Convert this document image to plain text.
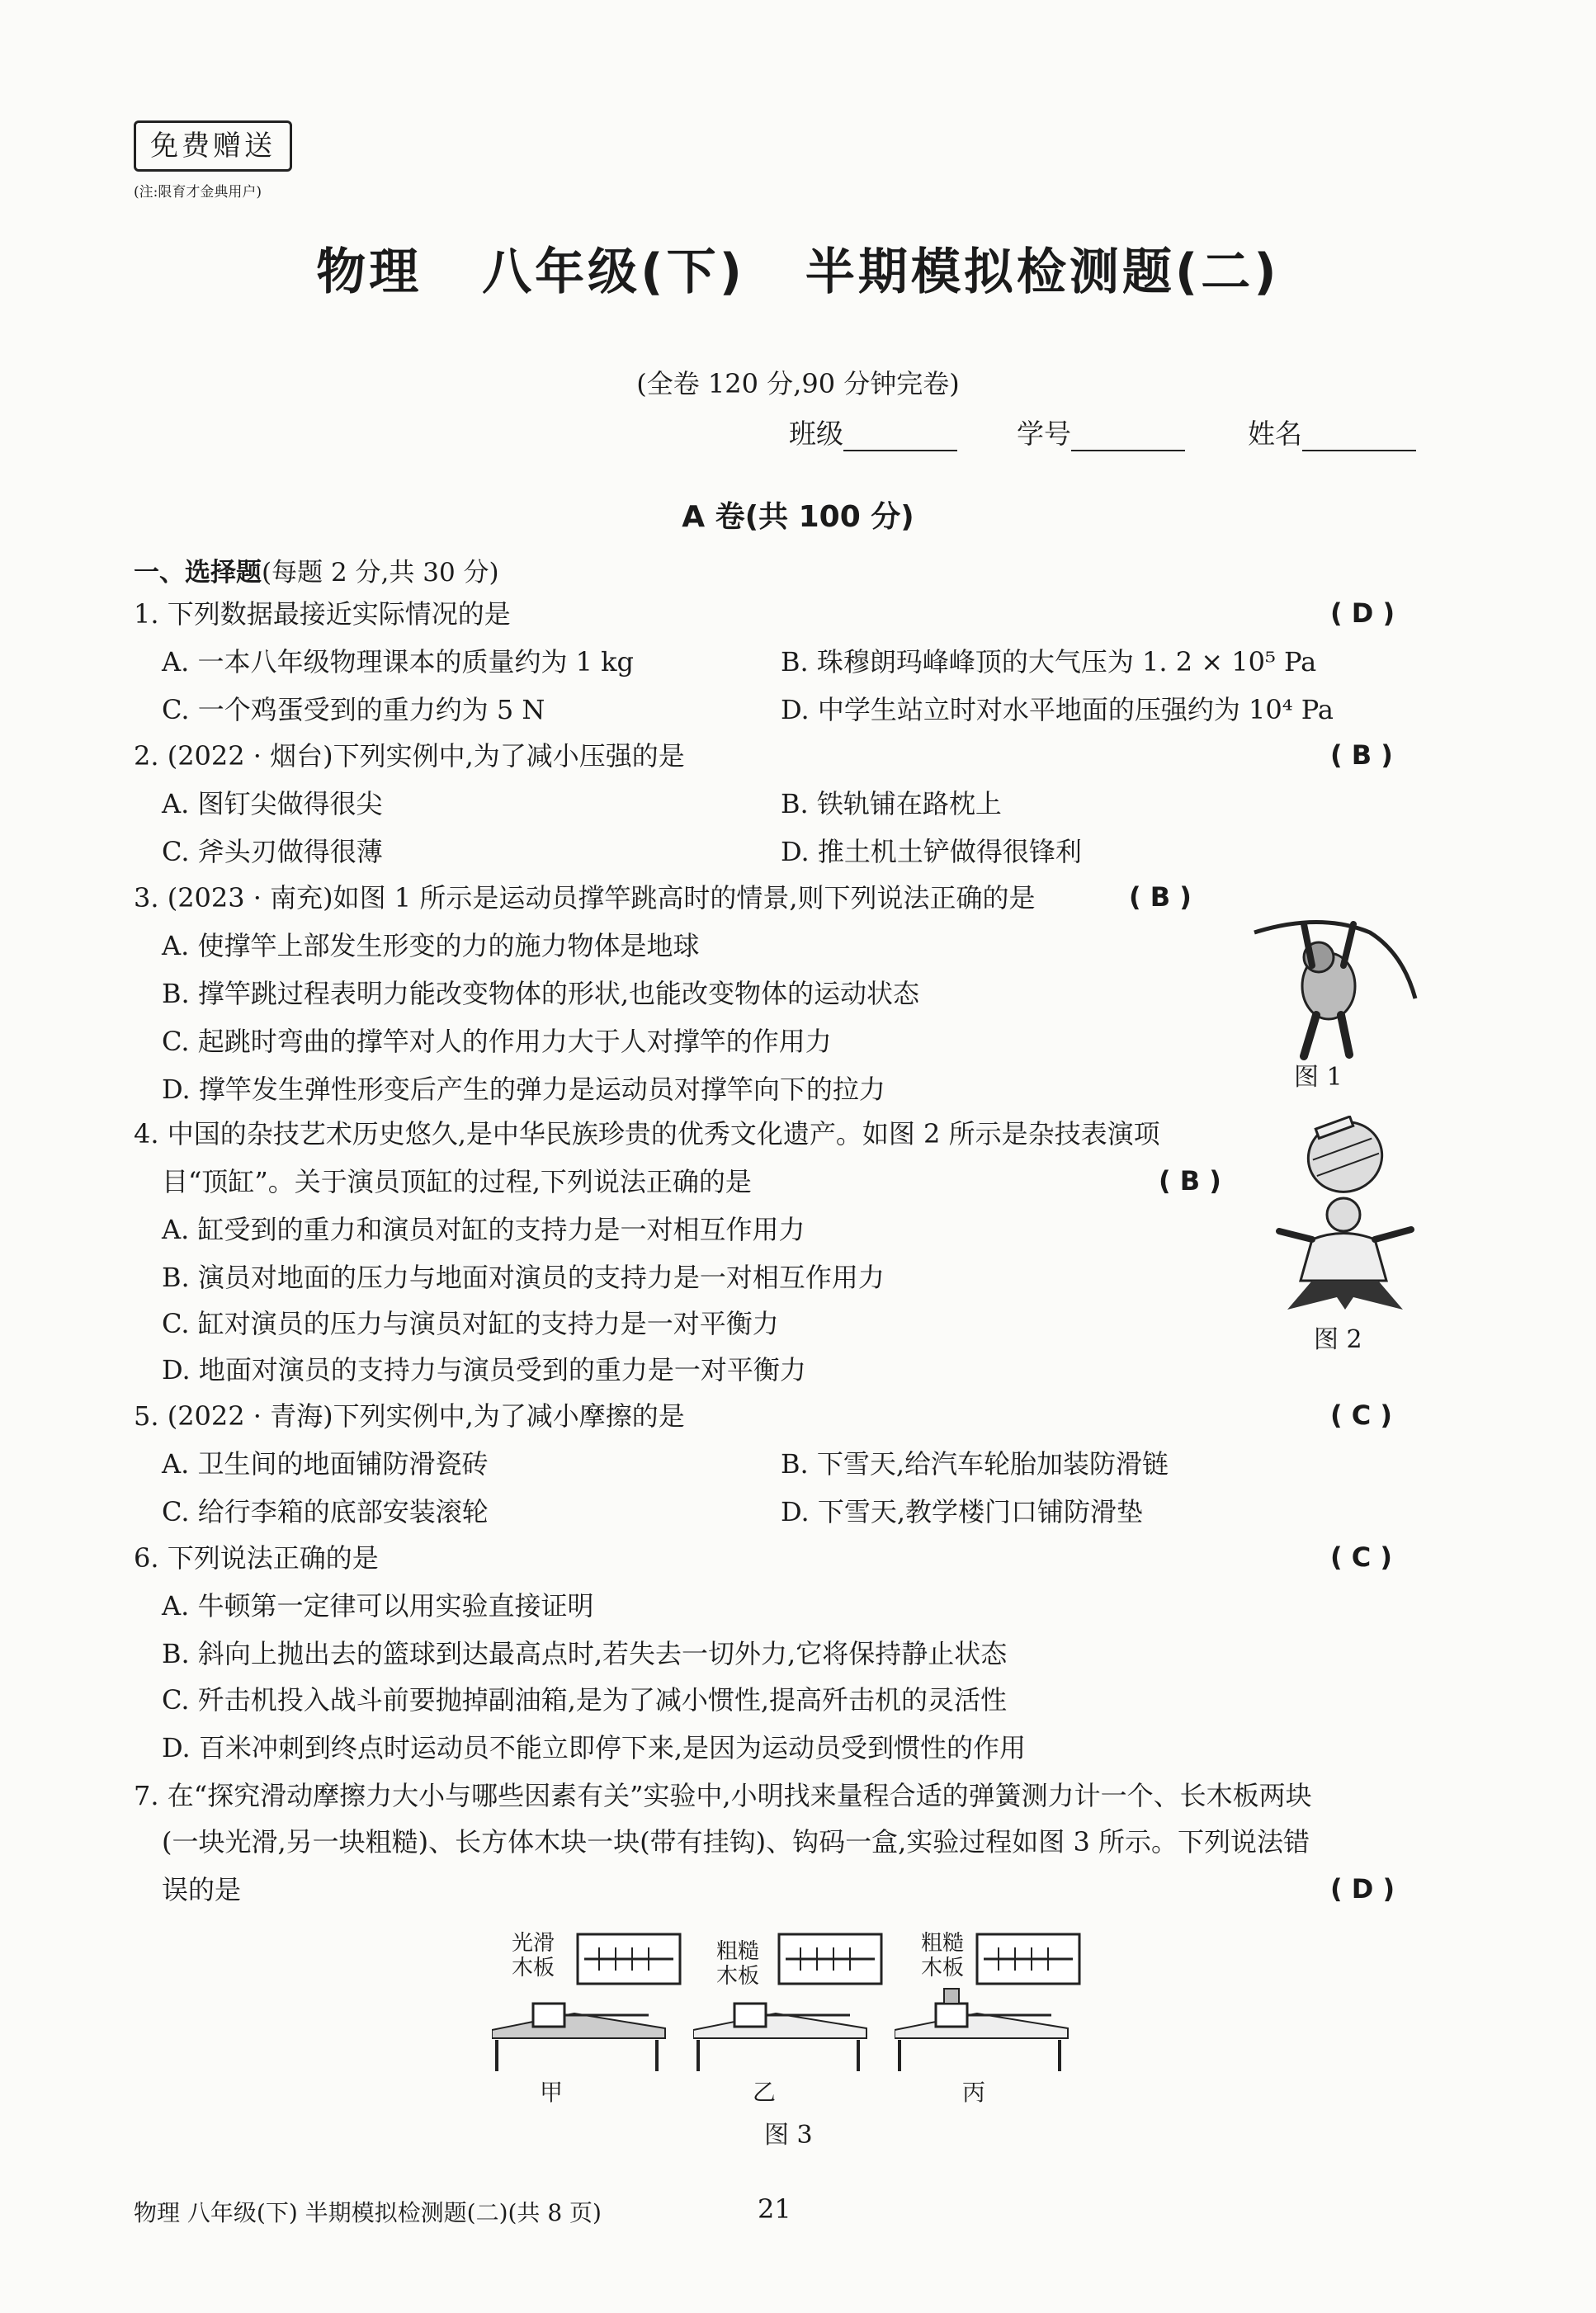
免费赠送
(注:限育才金典用户)
物理 八年级(下) 半期模拟检测题(二)
(全卷 120 分,90 分钟完卷)
班级	学号	姓名
A 卷(共 100 分)
一、选择题(每题 2 分,共 30 分)
1. 下列数据最接近实际情况的是	( D )
A. 一本八年级物理课本的质量约为 1 kg	B. 珠穆朗玛峰峰顶的大气压为 1. 2 × 10⁵ Pa
C. 一个鸡蛋受到的重力约为 5 N	D. 中学生站立时对水平地面的压强约为 10⁴ Pa
2. (2022 · 烟台)下列实例中,为了减小压强的是	( B )
A. 图钉尖做得很尖	B. 铁轨铺在路枕上
C. 斧头刃做得很薄	D. 推土机土铲做得很锋利
3. (2023 · 南充)如图 1 所示是运动员撑竿跳高时的情景,则下列说法正确的是	( B )
A. 使撑竿上部发生形变的力的施力物体是地球
B. 撑竿跳过程表明力能改变物体的形状,也能改变物体的运动状态
C. 起跳时弯曲的撑竿对人的作用力大于人对撑竿的作用力
D. 撑竿发生弹性形变后产生的弹力是运动员对撑竿向下的拉力	图 1
4. 中国的杂技艺术历史悠久,是中华民族珍贵的优秀文化遗产。如图 2 所示是杂技表演项
目“顶缸”。关于演员顶缸的过程,下列说法正确的是	( B )
A. 缸受到的重力和演员对缸的支持力是一对相互作用力
B. 演员对地面的压力与地面对演员的支持力是一对相互作用力
C. 缸对演员的压力与演员对缸的支持力是一对平衡力
D. 地面对演员的支持力与演员受到的重力是一对平衡力
图 2
5. (2022 · 青海)下列实例中,为了减小摩擦的是	( C )
A. 卫生间的地面铺防滑瓷砖	B. 下雪天,给汽车轮胎加装防滑链
C. 给行李箱的底部安装滚轮	D. 下雪天,教学楼门口铺防滑垫
6. 下列说法正确的是	( C )
A. 牛顿第一定律可以用实验直接证明
B. 斜向上抛出去的篮球到达最高点时,若失去一切外力,它将保持静止状态
C. 歼击机投入战斗前要抛掉副油箱,是为了减小惯性,提高歼击机的灵活性
D. 百米冲刺到终点时运动员不能立即停下来,是因为运动员受到惯性的作用
7. 在“探究滑动摩擦力大小与哪些因素有关”实验中,小明找来量程合适的弹簧测力计一个、长木板两块
(一块光滑,另一块粗糙)、长方体木块一块(带有挂钩)、钩码一盒,实验过程如图 3 所示。下列说法错
误的是	( D )
光滑
木板
甲
粗糙
木板
乙
粗糙
木板
丙
图 3
物理 八年级(下) 半期模拟检测题(二)(共 8 页)	21
